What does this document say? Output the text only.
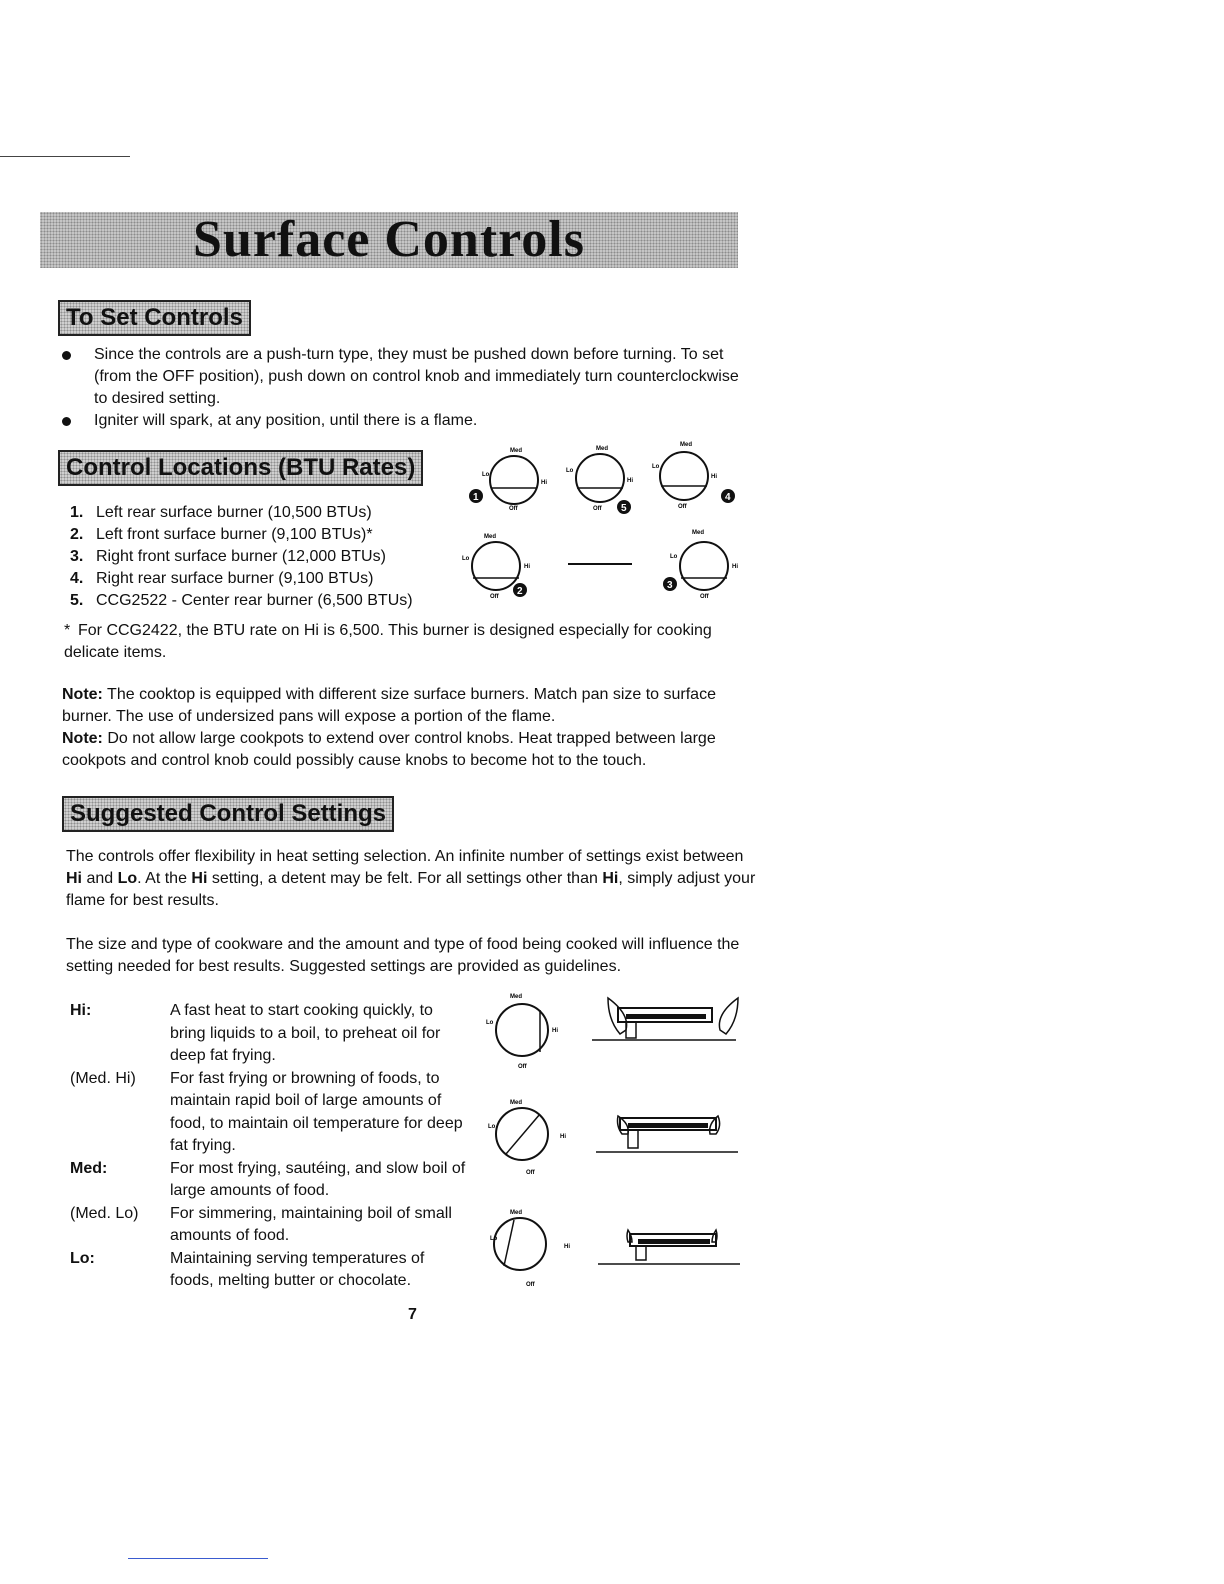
Surface Controls
To Set Controls
Since the controls are a push-turn type, they must be pushed down before turning. To set (from the OFF position), push down on control knob and immediately turn counterclockwise to desired setting.
Igniter will spark, at any position, until there is a flame.
Control Locations (BTU Rates)
1. Left rear surface burner (10,500 BTUs)
2. Left front surface burner (9,100 BTUs)*
3. Right front surface burner (12,000 BTUs)
4. Right rear surface burner (9,100 BTUs)
5. CCG2522 - Center rear burner (6,500 BTUs)
Med
Lo
Hi
Off
1
Med
Lo
Hi
Off 5
Med
Lo
Hi
Off
4
Med
Lo
Hi
Off 2
Med
Lo
Hi
Off
3
* For CCG2422, the BTU rate on Hi is 6,500. This burner is designed especially for cooking delicate items.
Note: The cooktop is equipped with different size surface burners. Match pan size to surface burner. The use of undersized pans will expose a portion of the flame.
Note: Do not allow large cookpots to extend over control knobs. Heat trapped between large cookpots and control knob could possibly cause knobs to become hot to the touch.
Suggested Control Settings
The controls offer flexibility in heat setting selection. An infinite number of settings exist between Hi and Lo. At the Hi setting, a detent may be felt. For all settings other than Hi, simply adjust your flame for best results.
The size and type of cookware and the amount and type of food being cooked will influence the setting needed for best results. Suggested settings are provided as guidelines.
Hi:	A fast heat to start cooking quickly, to bring liquids to a boil, to preheat oil for deep fat frying.
(Med. Hi)	For fast frying or browning of foods, to maintain rapid boil of large amounts of food, to maintain oil temperature for deep fat frying.
Med:	For most frying, sautéing, and slow boil of large amounts of food.
(Med. Lo)	For simmering, maintaining boil of small amounts of food.
Lo:	Maintaining serving temperatures of foods, melting butter or chocolate.
Med
Lo
Hi
Off
Med
Lo
Hi
Off
Med
Lo
Hi
Off
7
